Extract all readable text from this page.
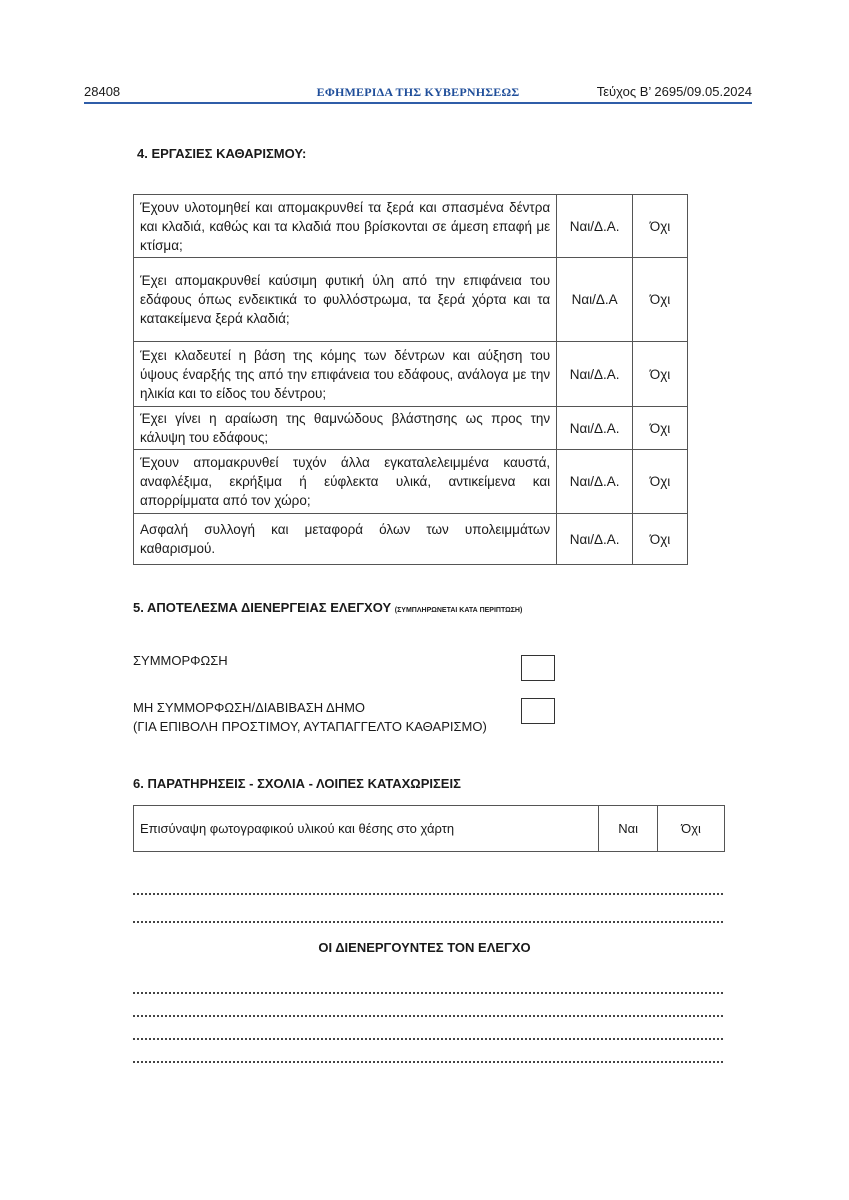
28408	ΕΦΗΜΕΡΙΔΑ ΤΗΣ ΚΥΒΕΡΝΗΣΕΩΣ	Τεύχος Β’ 2695/09.05.2024
4. ΕΡΓΑΣΙΕΣ ΚΑΘΑΡΙΣΜΟΥ:
Έχουν υλοτομηθεί και απομακρυνθεί τα ξερά και σπασμένα δέντρα και κλαδιά, καθώς και τα κλαδιά που βρίσκονται σε άμεση επαφή με κτίσμα;	Ναι/Δ.Α.	Όχι
Έχει απομακρυνθεί καύσιμη φυτική ύλη από την επιφάνεια του εδάφους όπως ενδεικτικά το φυλλόστρωμα, τα ξερά χόρτα και τα κατακείμενα ξερά κλαδιά;	Ναι/Δ.Α	Όχι
Έχει κλαδευτεί η βάση της κόμης των δέντρων και αύξηση του ύψους έναρξής της από την επιφάνεια του εδάφους, ανάλογα με την ηλικία και το είδος του δέντρου;	Ναι/Δ.Α.	Όχι
Έχει γίνει η αραίωση της θαμνώδους βλάστησης ως προς την κάλυψη του εδάφους;	Ναι/Δ.Α.	Όχι
Έχουν απομακρυνθεί τυχόν άλλα εγκαταλελειμμένα καυστά, αναφλέξιμα, εκρήξιμα ή εύφλεκτα υλικά, αντικείμενα και απορρίμματα από τον χώρο;	Ναι/Δ.Α.	Όχι
Ασφαλή συλλογή και μεταφορά όλων των υπολειμμάτων καθαρισμού.	Ναι/Δ.Α.	Όχι
5. ΑΠΟΤΕΛΕΣΜΑ ΔΙΕΝΕΡΓΕΙΑΣ ΕΛΕΓΧΟΥ (ΣΥΜΠΛΗΡΩΝΕΤΑΙ ΚΑΤΑ ΠΕΡΙΠΤΩΣΗ)
ΣΥΜΜΟΡΦΩΣΗ
ΜΗ ΣΥΜΜΟΡΦΩΣΗ/ΔΙΑΒΙΒΑΣΗ ΔΗΜΟ
(ΓΙΑ ΕΠΙΒΟΛΗ ΠΡΟΣΤΙΜΟΥ, ΑΥΤΑΠΑΓΓΕΛΤΟ ΚΑΘΑΡΙΣΜΟ)
6. ΠΑΡΑΤΗΡΗΣΕΙΣ - ΣΧΟΛΙΑ - ΛΟΙΠΕΣ ΚΑΤΑΧΩΡΙΣΕΙΣ
Επισύναψη φωτογραφικού υλικού και θέσης στο χάρτη	Ναι	Όχι
ΟΙ ΔΙΕΝΕΡΓΟΥΝΤΕΣ ΤΟΝ ΕΛΕΓΧΟ
